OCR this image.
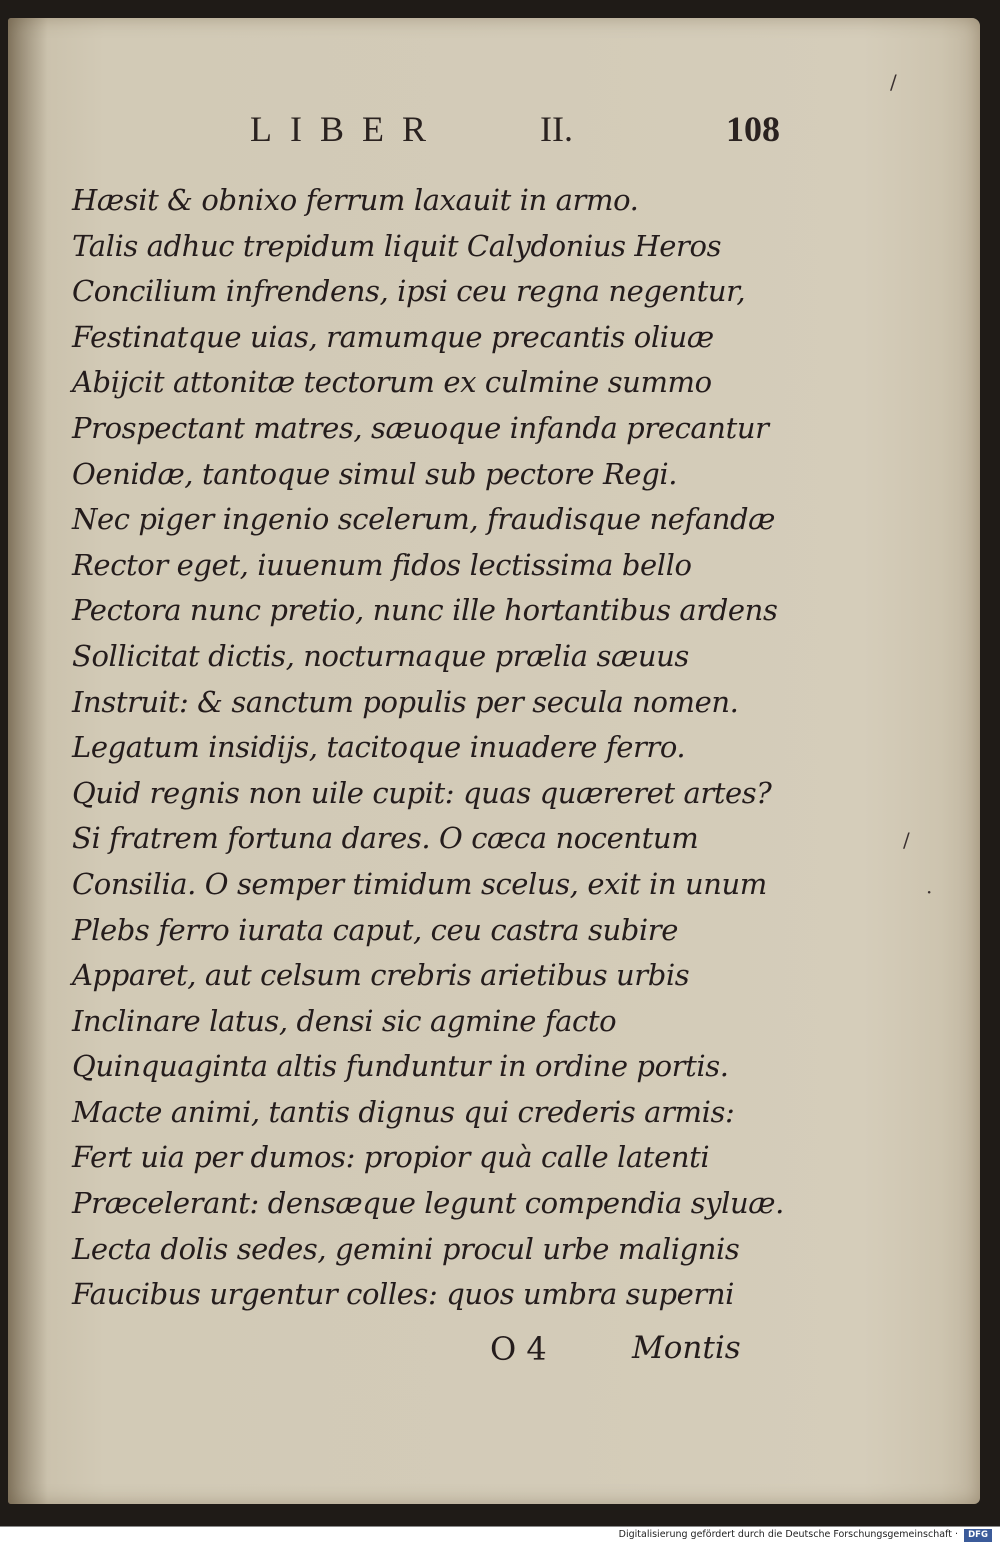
LIBER	II.	108
Hæsit & obnixo ferrum laxauit in armo.
Talis adhuc trepidum liquit Calydonius Heros
Concilium infrendens, ipsi ceu regna negentur,
Festinatque uias, ramumque precantis oliuæ
Abijcit attonitæ tectorum ex culmine summo
Prospectant matres, sæuoque infanda precantur
Oenidæ, tantoque simul sub pectore Regi.
Nec piger ingenio scelerum, fraudisque nefandæ
Rector eget, iuuenum fidos lectissima bello
Pectora nunc pretio, nunc ille hortantibus ardens
Sollicitat dictis, nocturnaque prælia sæuus
Instruit: & sanctum populis per secula nomen.
Legatum insidijs, tacitoque inuadere ferro.
Quid regnis non uile cupit: quas quæreret artes?
Si fratrem fortuna dares. O cæca nocentum
Consilia. O semper timidum scelus, exit in unum
Plebs ferro iurata caput, ceu castra subire
Apparet, aut celsum crebris arietibus urbis
Inclinare latus, densi sic agmine facto
Quinquaginta altis funduntur in ordine portis.
Macte animi, tantis dignus qui crederis armis:
Fert uia per dumos: propior quà calle latenti
Præcelerant: densæque legunt compendia syluæ.
Lecta dolis sedes, gemini procul urbe malignis
Faucibus urgentur colles: quos umbra superni
O 4	Montis
/
·
/
Digitalisierung gefördert durch die Deutsche Forschungsgemeinschaft ·	DFG
